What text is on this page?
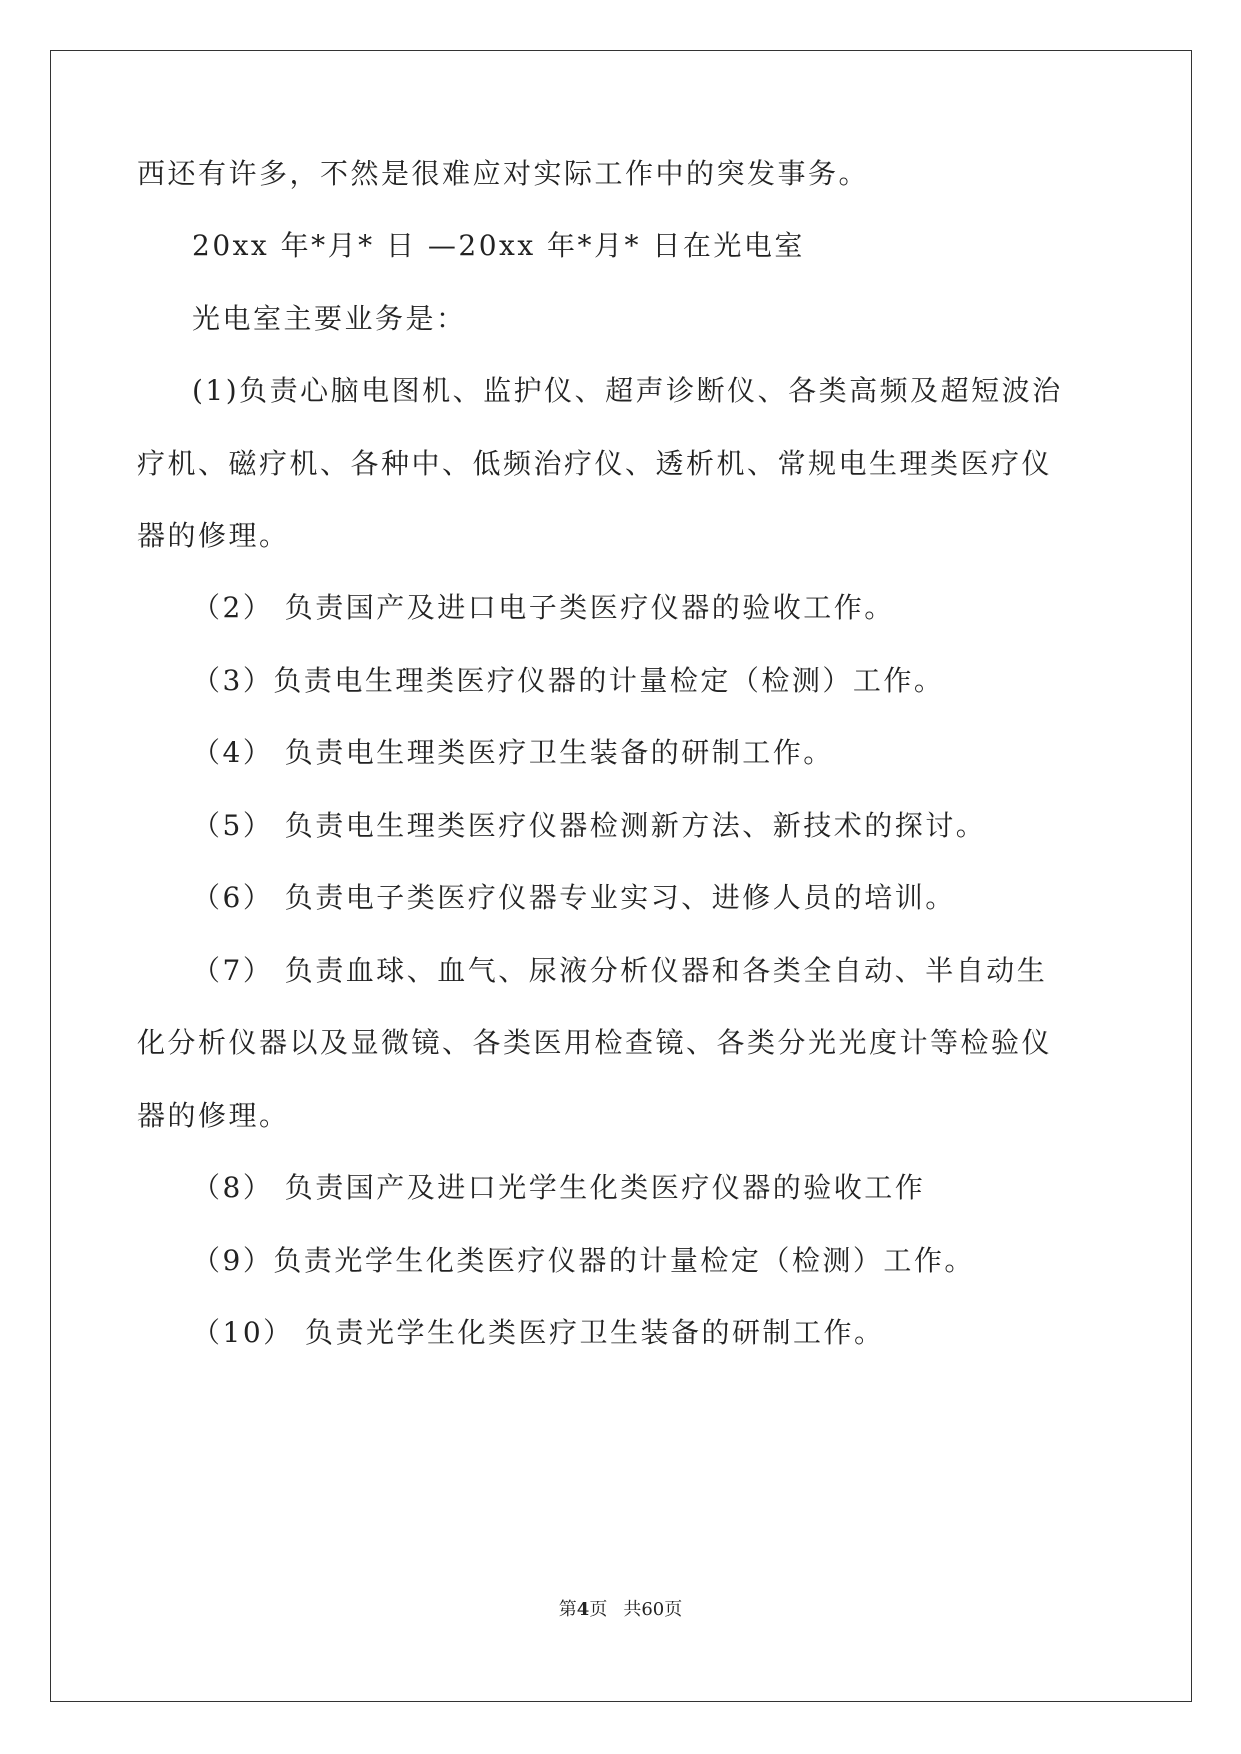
西还有许多，不然是很难应对实际工作中的突发事务。
20xx 年*月* 日 —20xx 年*月* 日在光电室
光电室主要业务是：
(1)负责心脑电图机、监护仪、超声诊断仪、各类高频及超短波治
疗机、磁疗机、各种中、低频治疗仪、透析机、常规电生理类医疗仪
器的修理。
（2） 负责国产及进口电子类医疗仪器的验收工作。
（3）负责电生理类医疗仪器的计量检定（检测）工作。
（4） 负责电生理类医疗卫生装备的研制工作。
（5） 负责电生理类医疗仪器检测新方法、新技术的探讨。
（6） 负责电子类医疗仪器专业实习、进修人员的培训。
（7） 负责血球、血气、尿液分析仪器和各类全自动、半自动生
化分析仪器以及显微镜、各类医用检查镜、各类分光光度计等检验仪
器的修理。
（8） 负责国产及进口光学生化类医疗仪器的验收工作
（9）负责光学生化类医疗仪器的计量检定（检测）工作。
（10） 负责光学生化类医疗卫生装备的研制工作。
第4页 共60页
